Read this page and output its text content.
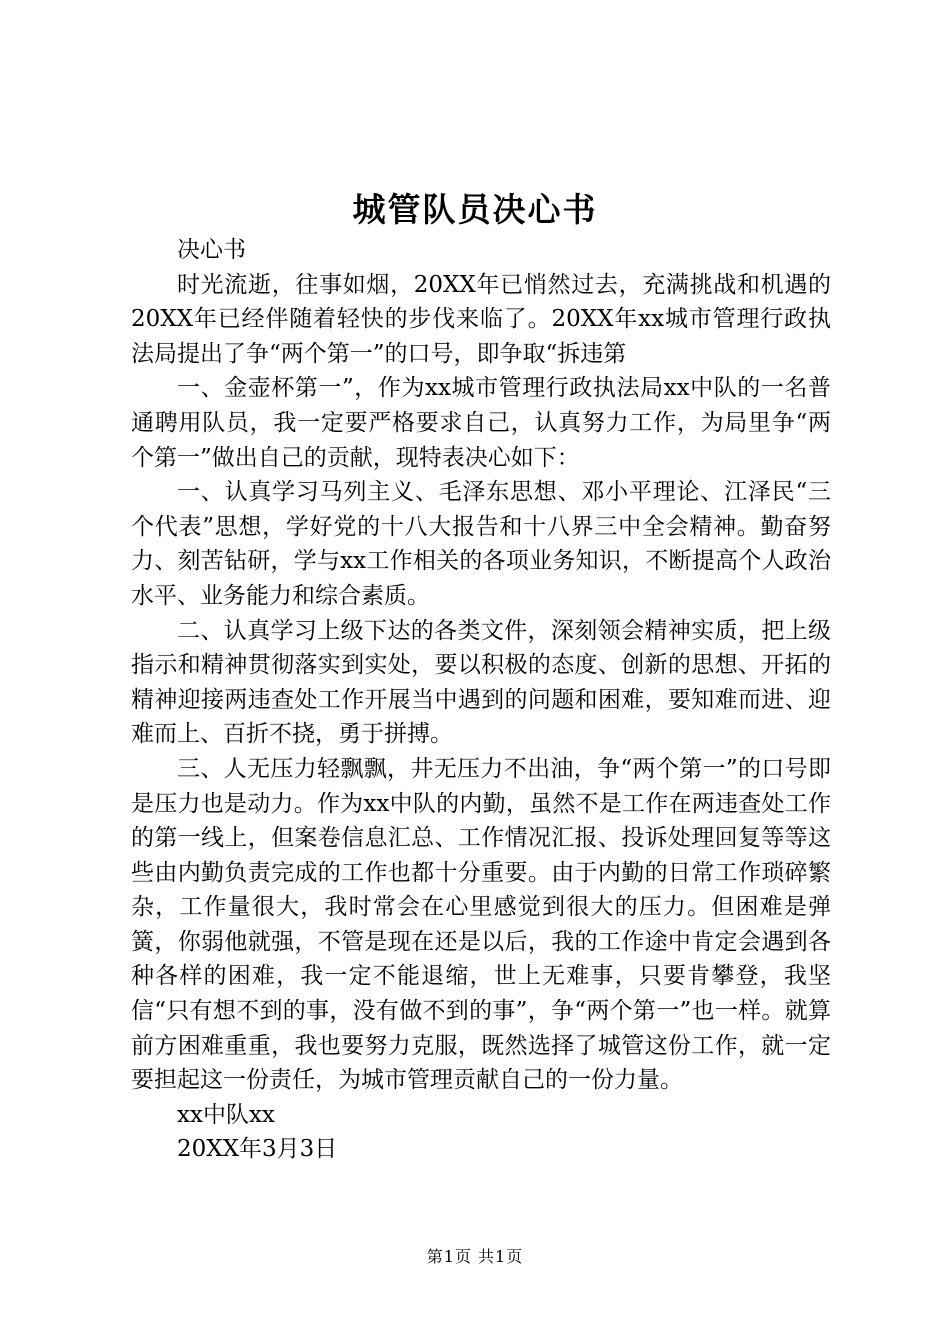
城管队员决心书

决心书

时光流逝，往事如烟，20XX年已悄然过去，充满挑战和机遇的20XX年已经伴随着轻快的步伐来临了。20XX年xx城市管理行政执法局提出了争“两个第一”的口号，即争取“拆违第

一、金壶杯第一”，作为xx城市管理行政执法局xx中队的一名普通聘用队员，我一定要严格要求自己，认真努力工作，为局里争“两个第一”做出自己的贡献，现特表决心如下：

一、认真学习马列主义、毛泽东思想、邓小平理论、江泽民“三个代表”思想，学好党的十八大报告和十八界三中全会精神。勤奋努力、刻苦钻研，学与xx工作相关的各项业务知识，不断提高个人政治水平、业务能力和综合素质。

二、认真学习上级下达的各类文件，深刻领会精神实质，把上级指示和精神贯彻落实到实处，要以积极的态度、创新的思想、开拓的精神迎接两违查处工作开展当中遇到的问题和困难，要知难而进、迎难而上、百折不挠，勇于拼搏。

三、人无压力轻飘飘，井无压力不出油，争“两个第一”的口号即是压力也是动力。作为xx中队的内勤，虽然不是工作在两违查处工作的第一线上，但案卷信息汇总、工作情况汇报、投诉处理回复等等这些由内勤负责完成的工作也都十分重要。由于内勤的日常工作琐碎繁杂，工作量很大，我时常会在心里感觉到很大的压力。但困难是弹簧，你弱他就强，不管是现在还是以后，我的工作途中肯定会遇到各种各样的困难，我一定不能退缩，世上无难事，只要肯攀登，我坚信“只有想不到的事，没有做不到的事”，争“两个第一”也一样。就算前方困难重重，我也要努力克服，既然选择了城管这份工作，就一定要担起这一份责任，为城市管理贡献自己的一份力量。

xx中队xx

20XX年3月3日

第1页 共1页
